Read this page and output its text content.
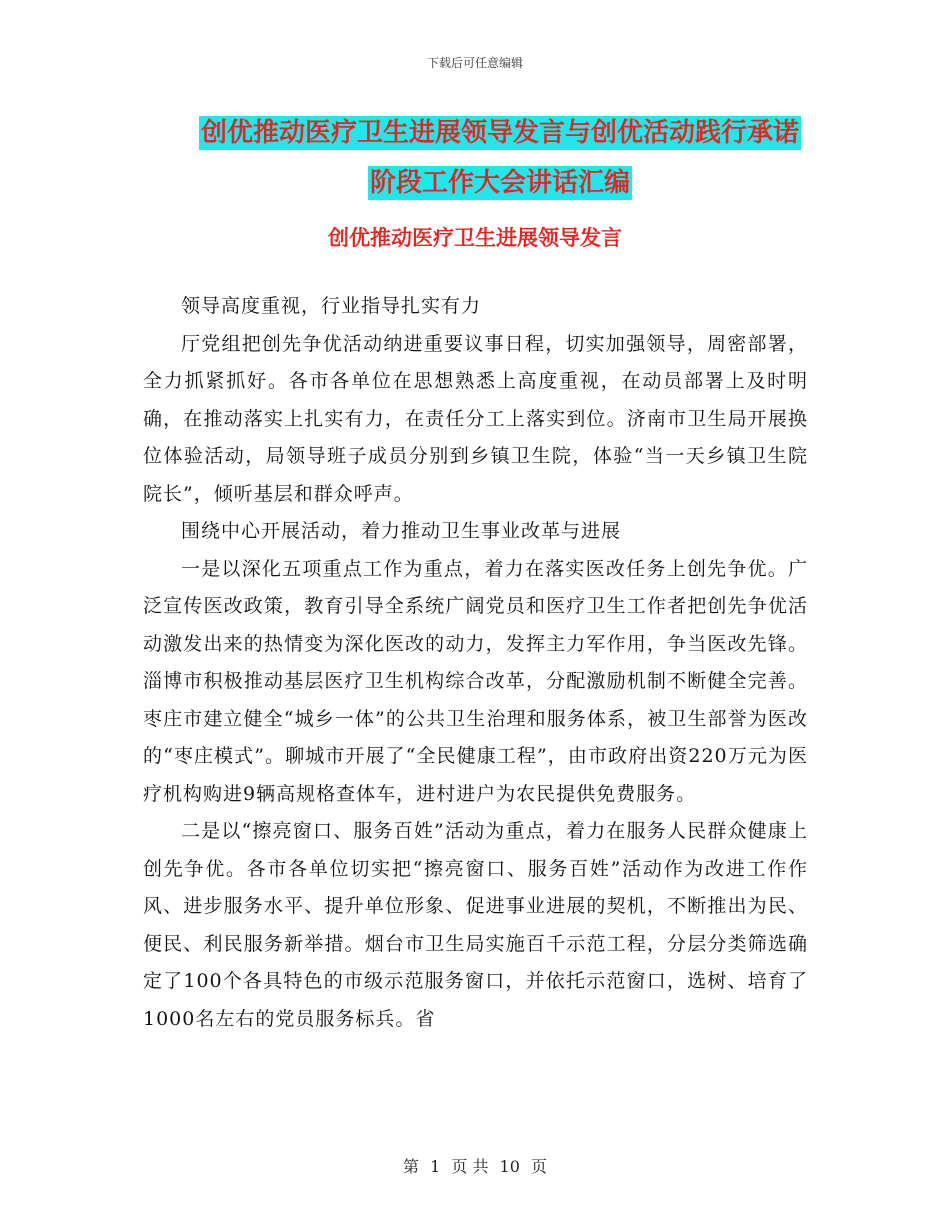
下载后可任意编辑
创优推动医疗卫生进展领导发言与创优活动践行承诺
阶段工作大会讲话汇编
创优推动医疗卫生进展领导发言

领导高度重视，行业指导扎实有力

厅党组把创先争优活动纳进重要议事日程，切实加强领导，周密部署，全力抓紧抓好。各市各单位在思想熟悉上高度重视，在动员部署上及时明确，在推动落实上扎实有力，在责任分工上落实到位。济南市卫生局开展换位体验活动，局领导班子成员分别到乡镇卫生院，体验“当一天乡镇卫生院院长”，倾听基层和群众呼声。

围绕中心开展活动，着力推动卫生事业改革与进展

一是以深化五项重点工作为重点，着力在落实医改任务上创先争优。广泛宣传医改政策，教育引导全系统广阔党员和医疗卫生工作者把创先争优活动激发出来的热情变为深化医改的动力，发挥主力军作用，争当医改先锋。淄博市积极推动基层医疗卫生机构综合改革，分配激励机制不断健全完善。枣庄市建立健全“城乡一体”的公共卫生治理和服务体系，被卫生部誉为医改的“枣庄模式”。聊城市开展了“全民健康工程”，由市政府出资220万元为医疗机构购进9辆高规格查体车，进村进户为农民提供免费服务。

二是以“擦亮窗口、服务百姓”活动为重点，着力在服务人民群众健康上创先争优。各市各单位切实把“擦亮窗口、服务百姓”活动作为改进工作作风、进步服务水平、提升单位形象、促进事业进展的契机，不断推出为民、便民、利民服务新举措。烟台市卫生局实施百千示范工程，分层分类筛选确定了100个各具特色的市级示范服务窗口，并依托示范窗口，选树、培育了1000名左右的党员服务标兵。省

第 1 页 共 10 页
